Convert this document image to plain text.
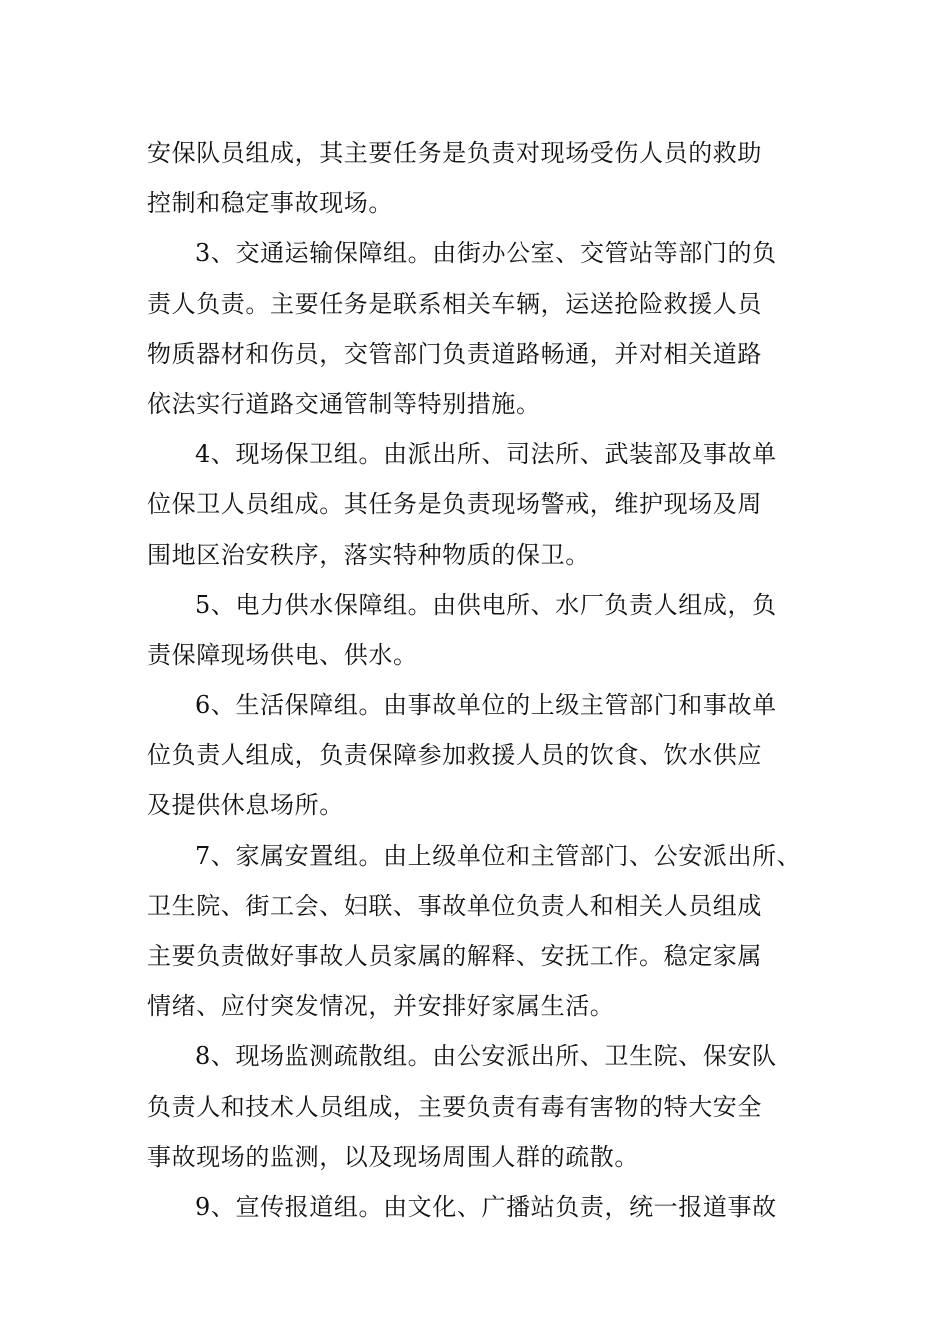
安保队员组成，其主要任务是负责对现场受伤人员的救助
控制和稳定事故现场。
3、交通运输保障组。由街办公室、交管站等部门的负
责人负责。主要任务是联系相关车辆，运送抢险救援人员
物质器材和伤员，交管部门负责道路畅通，并对相关道路
依法实行道路交通管制等特别措施。
4、现场保卫组。由派出所、司法所、武装部及事故单
位保卫人员组成。其任务是负责现场警戒，维护现场及周
围地区治安秩序，落实特种物质的保卫。
5、电力供水保障组。由供电所、水厂负责人组成，负
责保障现场供电、供水。
6、生活保障组。由事故单位的上级主管部门和事故单
位负责人组成，负责保障参加救援人员的饮食、饮水供应
及提供休息场所。
7、家属安置组。由上级单位和主管部门、公安派出所、
卫生院、街工会、妇联、事故单位负责人和相关人员组成
主要负责做好事故人员家属的解释、安抚工作。稳定家属
情绪、应付突发情况，并安排好家属生活。
8、现场监测疏散组。由公安派出所、卫生院、保安队
负责人和技术人员组成，主要负责有毒有害物的特大安全
事故现场的监测，以及现场周围人群的疏散。
9、宣传报道组。由文化、广播站负责，统一报道事故
